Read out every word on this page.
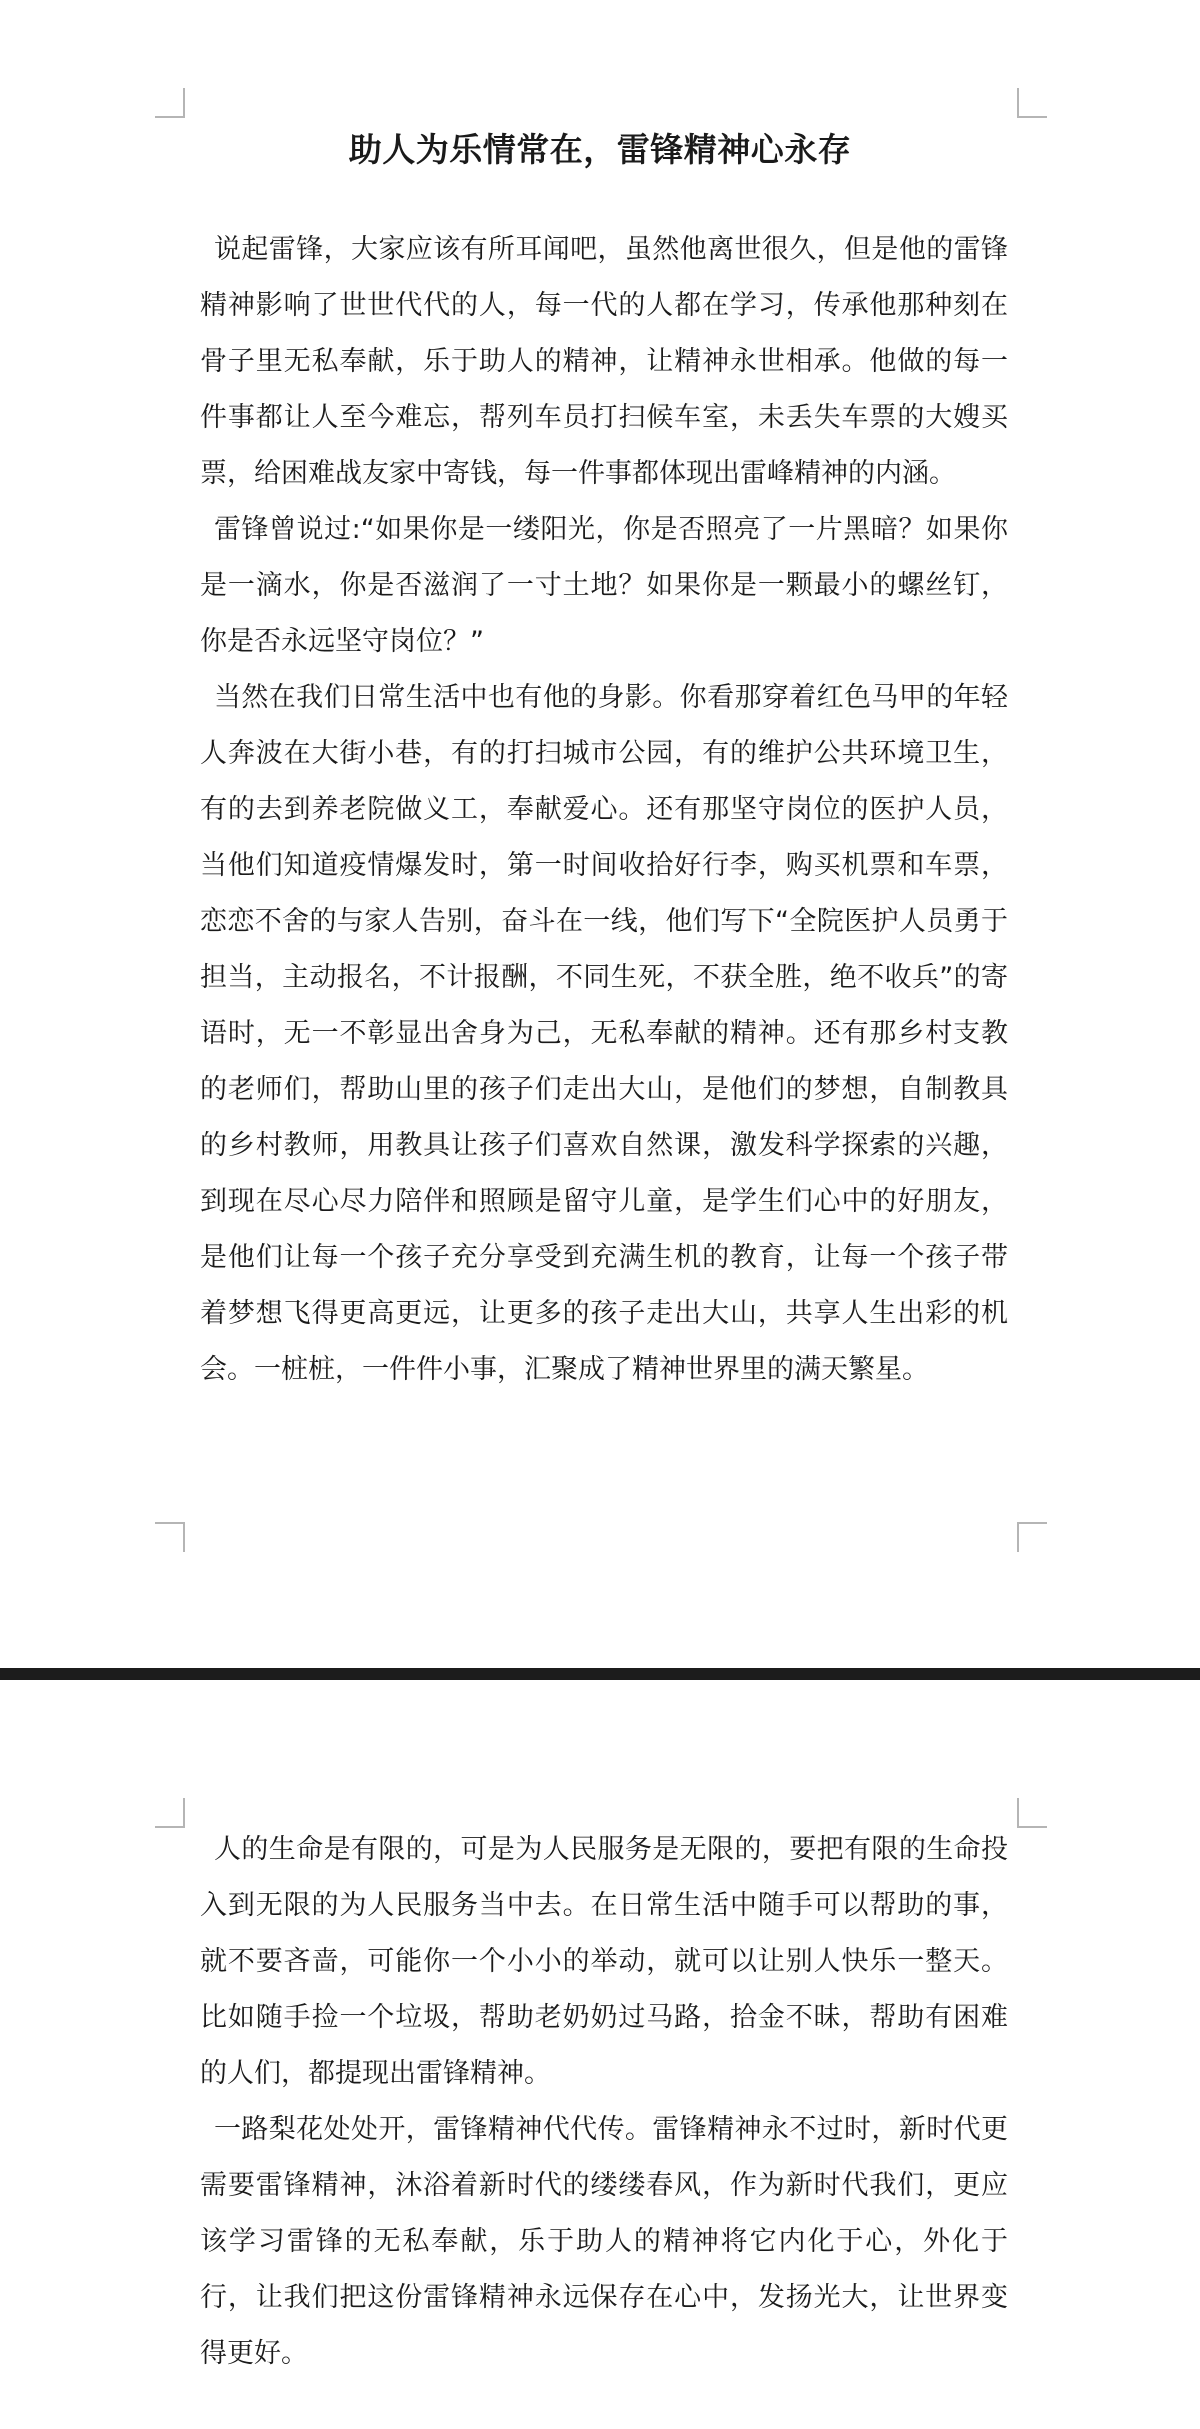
助人为乐情常在，雷锋精神心永存

说起雷锋，大家应该有所耳闻吧，虽然他离世很久，但是他的雷锋精神影响了世世代代的人，每一代的人都在学习，传承他那种刻在骨子里无私奉献，乐于助人的精神，让精神永世相承。他做的每一件事都让人至今难忘，帮列车员打扫候车室，未丢失车票的大嫂买票，给困难战友家中寄钱，每一件事都体现出雷峰精神的内涵。

雷锋曾说过:“如果你是一缕阳光，你是否照亮了一片黑暗？如果你是一滴水，你是否滋润了一寸土地？如果你是一颗最小的螺丝钉，你是否永远坚守岗位？”

当然在我们日常生活中也有他的身影。你看那穿着红色马甲的年轻人奔波在大街小巷，有的打扫城市公园，有的维护公共环境卫生，有的去到养老院做义工，奉献爱心。还有那坚守岗位的医护人员，当他们知道疫情爆发时，第一时间收拾好行李，购买机票和车票，恋恋不舍的与家人告别，奋斗在一线，他们写下“全院医护人员勇于担当，主动报名，不计报酬，不同生死，不获全胜，绝不收兵”的寄语时，无一不彰显出舍身为己，无私奉献的精神。还有那乡村支教的老师们，帮助山里的孩子们走出大山，是他们的梦想，自制教具的乡村教师，用教具让孩子们喜欢自然课，激发科学探索的兴趣，到现在尽心尽力陪伴和照顾是留守儿童，是学生们心中的好朋友，是他们让每一个孩子充分享受到充满生机的教育，让每一个孩子带着梦想飞得更高更远，让更多的孩子走出大山，共享人生出彩的机会。一桩桩，一件件小事，汇聚成了精神世界里的满天繁星。

人的生命是有限的，可是为人民服务是无限的，要把有限的生命投入到无限的为人民服务当中去。在日常生活中随手可以帮助的事，就不要吝啬，可能你一个小小的举动，就可以让别人快乐一整天。比如随手捡一个垃圾，帮助老奶奶过马路，拾金不昧，帮助有困难的人们，都提现出雷锋精神。

一路梨花处处开，雷锋精神代代传。雷锋精神永不过时，新时代更需要雷锋精神，沐浴着新时代的缕缕春风，作为新时代我们，更应该学习雷锋的无私奉献，乐于助人的精神将它内化于心，外化于行，让我们把这份雷锋精神永远保存在心中，发扬光大，让世界变得更好。
